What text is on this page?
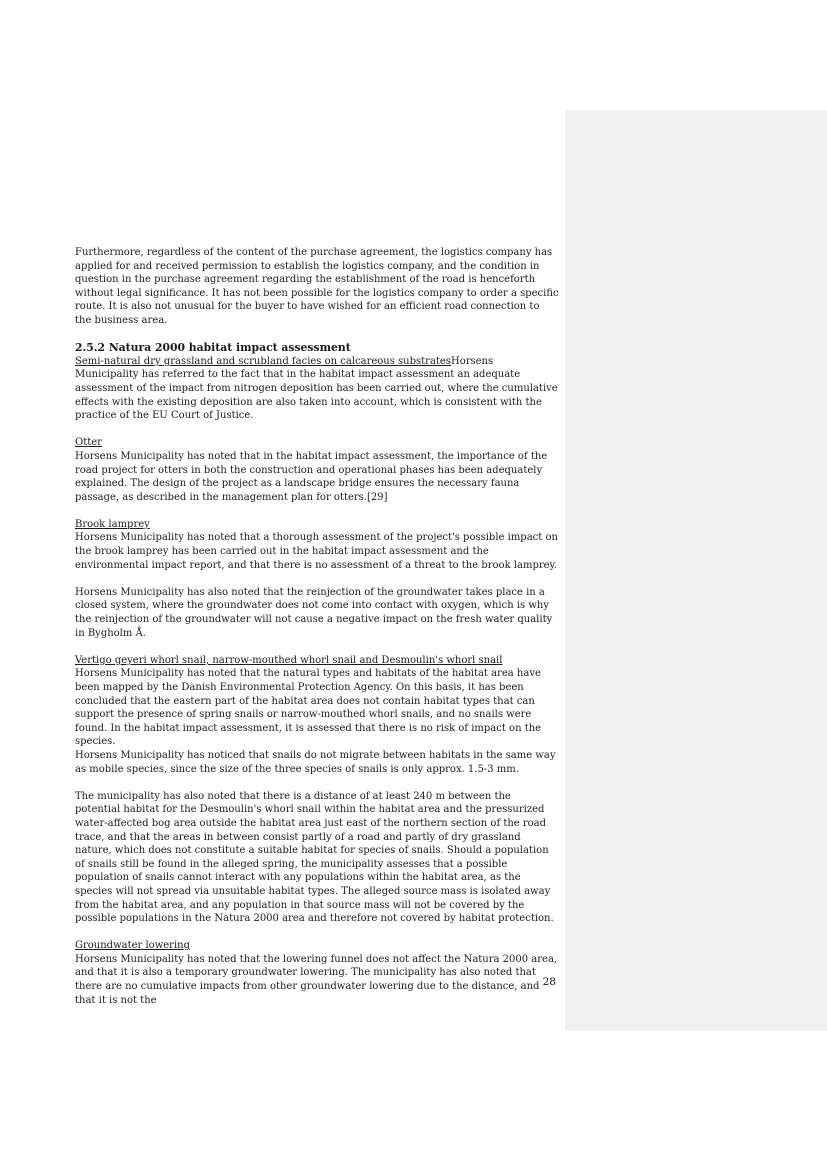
Furthermore, regardless of the content of the purchase agreement, the logistics company has applied for and received permission to establish the logistics company, and the condition in question in the purchase agreement regarding the establishment of the road is henceforth without legal significance. It has not been possible for the logistics company to order a specific route. It is also not unusual for the buyer to have wished for an efficient road connection to the business area.

2.5.2 Natura 2000 habitat impact assessment

Semi-natural dry grassland and scrubland facies on calcareous substratesHorsens Municipality has referred to the fact that in the habitat impact assessment an adequate assessment of the impact from nitrogen deposition has been carried out, where the cumulative effects with the existing deposition are also taken into account, which is consistent with the practice of the EU Court of Justice.

Otter
Horsens Municipality has noted that in the habitat impact assessment, the importance of the road project for otters in both the construction and operational phases has been adequately explained. The design of the project as a landscape bridge ensures the necessary fauna passage, as described in the management plan for otters.[29]

Brook lamprey
Horsens Municipality has noted that a thorough assessment of the project's possible impact on the brook lamprey has been carried out in the habitat impact assessment and the environmental impact report, and that there is no assessment of a threat to the brook lamprey.

Horsens Municipality has also noted that the reinjection of the groundwater takes place in a closed system, where the groundwater does not come into contact with oxygen, which is why the reinjection of the groundwater will not cause a negative impact on the fresh water quality in Bygholm Å.

Vertigo geyeri whorl snail, narrow-mouthed whorl snail and Desmoulin's whorl snail
Horsens Municipality has noted that the natural types and habitats of the habitat area have been mapped by the Danish Environmental Protection Agency. On this basis, it has been concluded that the eastern part of the habitat area does not contain habitat types that can support the presence of spring snails or narrow-mouthed whorl snails, and no snails were found. In the habitat impact assessment, it is assessed that there is no risk of impact on the species.

Horsens Municipality has noticed that snails do not migrate between habitats in the same way as mobile species, since the size of the three species of snails is only approx. 1.5-3 mm.

The municipality has also noted that there is a distance of at least 240 m between the potential habitat for the Desmoulin's whorl snail within the habitat area and the pressurized water-affected bog area outside the habitat area just east of the northern section of the road trace, and that the areas in between consist partly of a road and partly of dry grassland nature, which does not constitute a suitable habitat for species of snails. Should a population of snails still be found in the alleged spring, the municipality assesses that a possible population of snails cannot interact with any populations within the habitat area, as the species will not spread via unsuitable habitat types. The alleged source mass is isolated away from the habitat area, and any population in that source mass will not be covered by the possible populations in the Natura 2000 area and therefore not covered by habitat protection.

Groundwater lowering
Horsens Municipality has noted that the lowering funnel does not affect the Natura 2000 area, and that it is also a temporary groundwater lowering. The municipality has also noted that there are no cumulative impacts from other groundwater lowering due to the distance, and that it is not the

28
